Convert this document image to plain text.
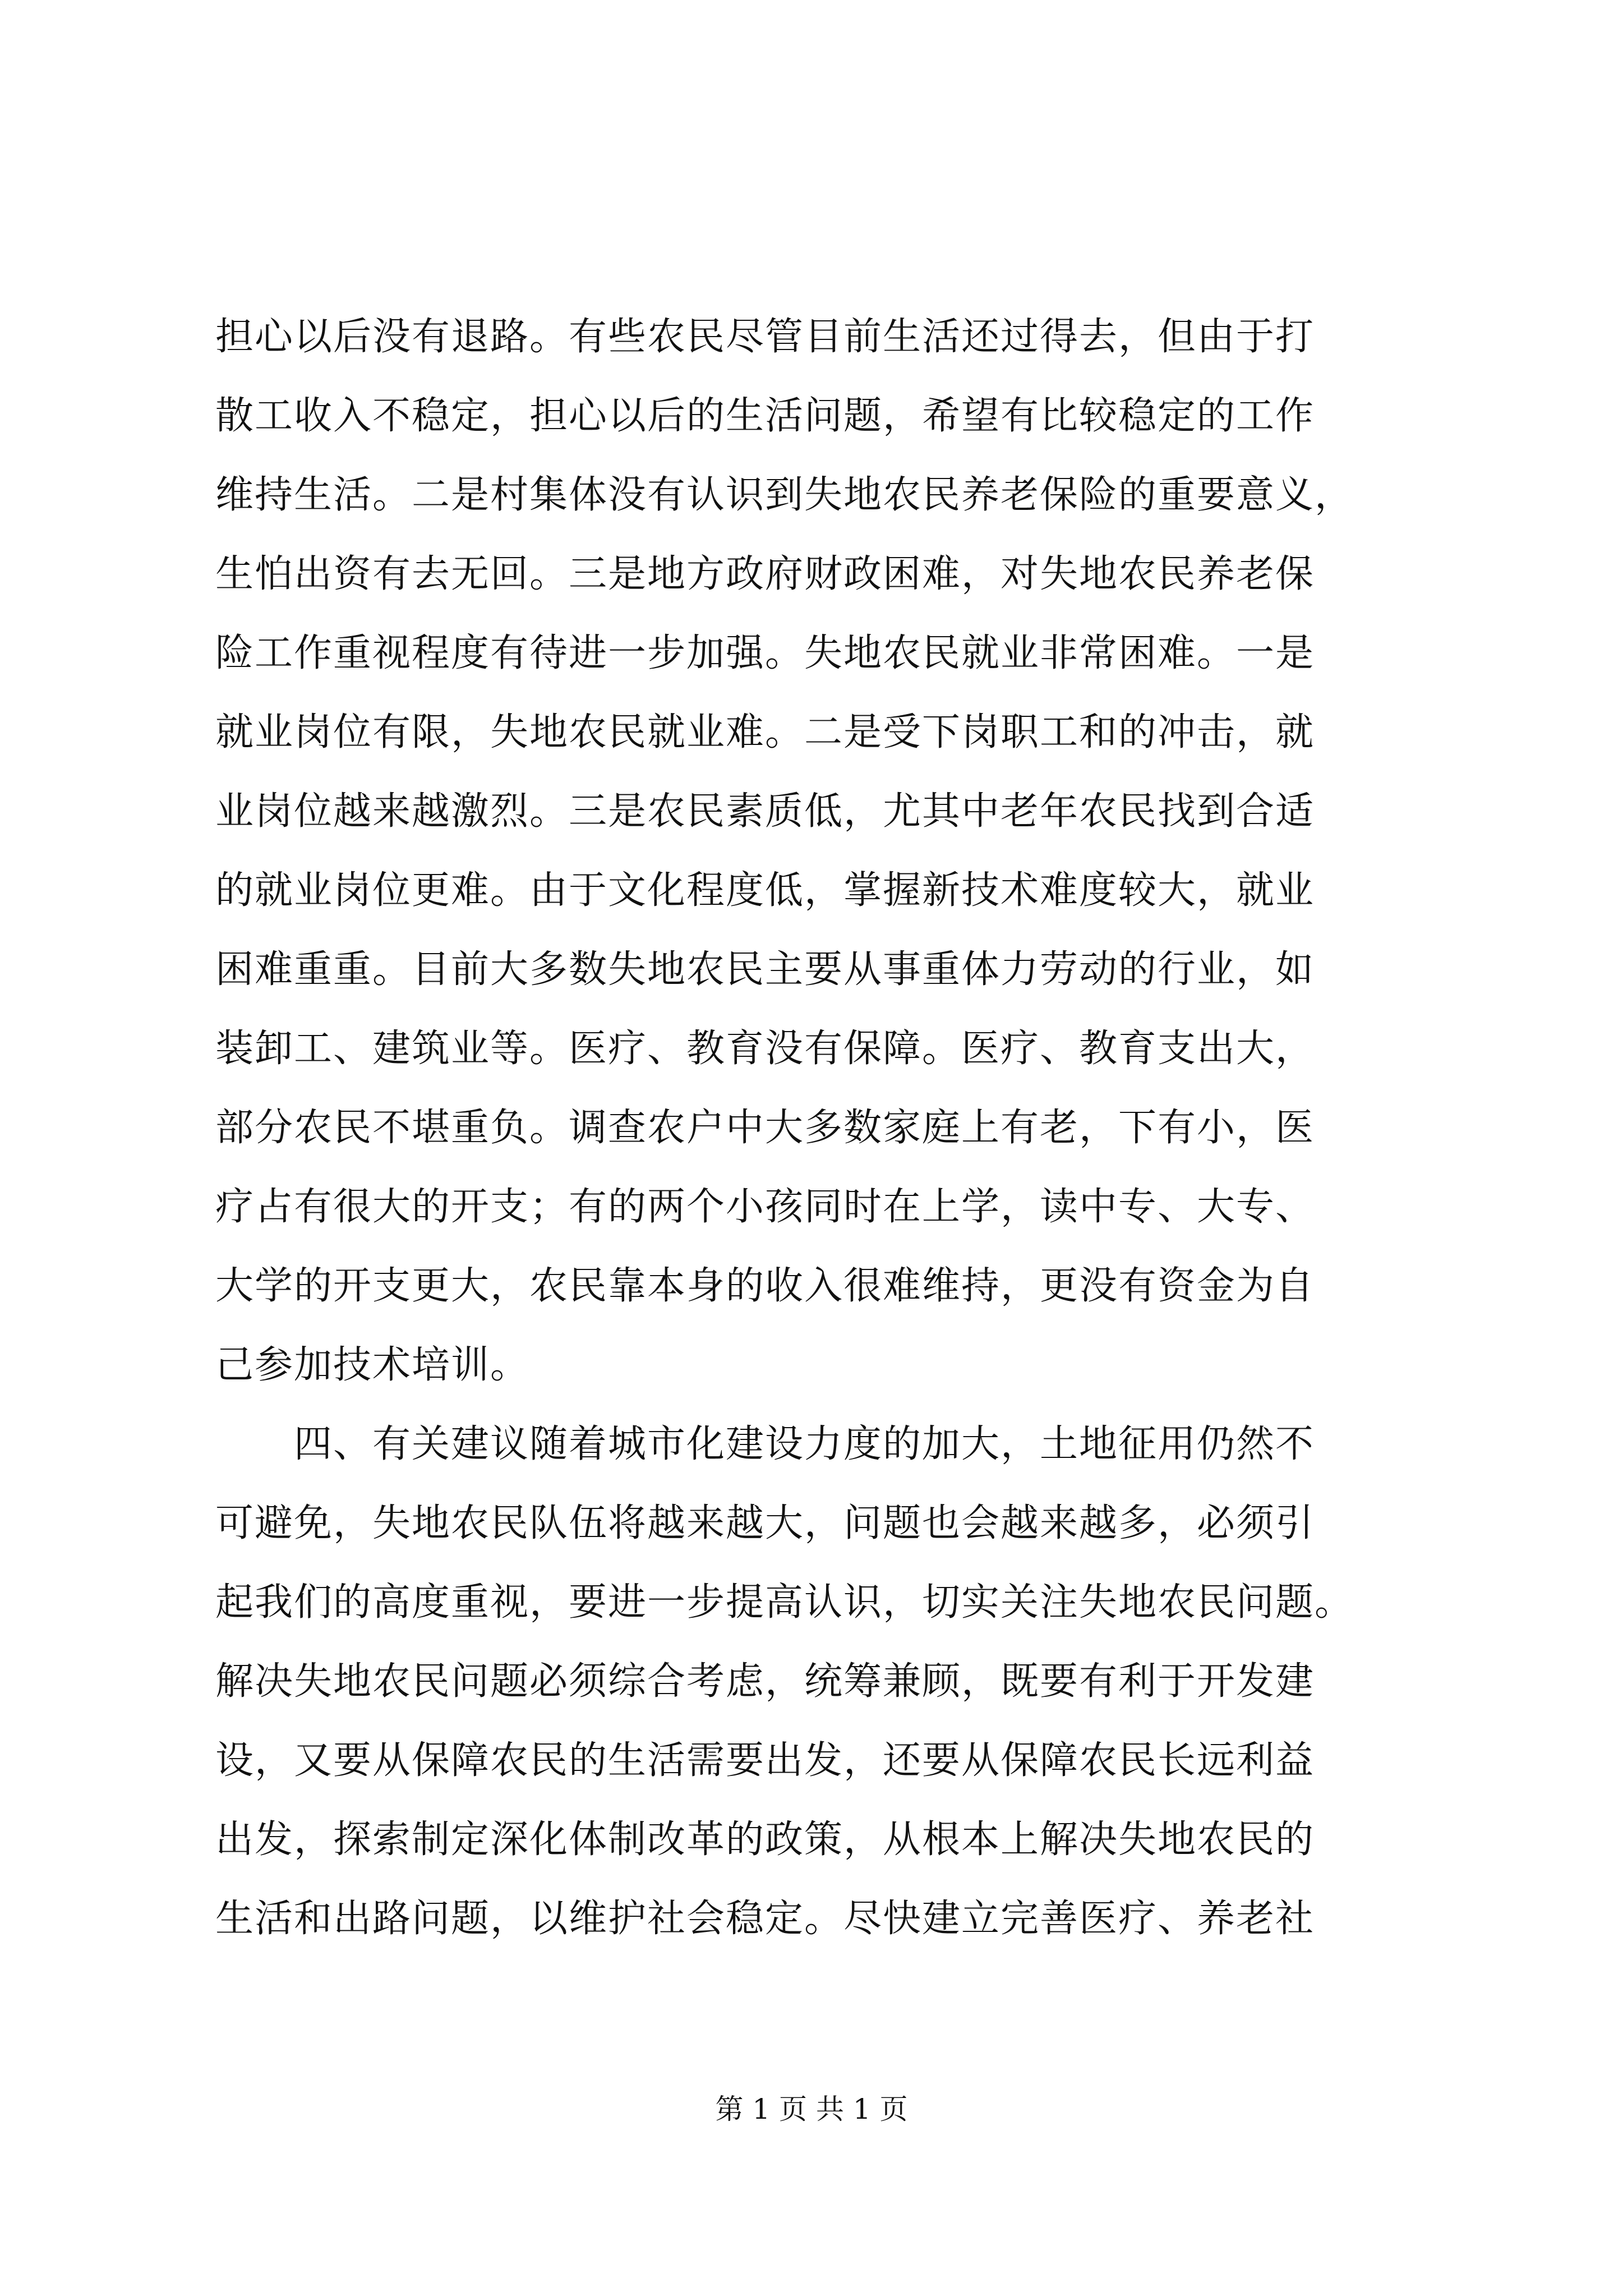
担心以后没有退路。有些农民尽管目前生活还过得去，但由于打
散工收入不稳定，担心以后的生活问题，希望有比较稳定的工作
维持生活。二是村集体没有认识到失地农民养老保险的重要意义，
生怕出资有去无回。三是地方政府财政困难，对失地农民养老保
险工作重视程度有待进一步加强。失地农民就业非常困难。一是
就业岗位有限，失地农民就业难。二是受下岗职工和的冲击，就
业岗位越来越激烈。三是农民素质低，尤其中老年农民找到合适
的就业岗位更难。由于文化程度低，掌握新技术难度较大，就业
困难重重。目前大多数失地农民主要从事重体力劳动的行业，如
装卸工、建筑业等。医疗、教育没有保障。医疗、教育支出大，
部分农民不堪重负。调查农户中大多数家庭上有老，下有小，医
疗占有很大的开支；有的两个小孩同时在上学，读中专、大专、
大学的开支更大，农民靠本身的收入很难维持，更没有资金为自
己参加技术培训。
　　四、有关建议随着城市化建设力度的加大，土地征用仍然不
可避免，失地农民队伍将越来越大，问题也会越来越多，必须引
起我们的高度重视，要进一步提高认识，切实关注失地农民问题。
解决失地农民问题必须综合考虑，统筹兼顾，既要有利于开发建
设，又要从保障农民的生活需要出发，还要从保障农民长远利益
出发，探索制定深化体制改革的政策，从根本上解决失地农民的
生活和出路问题，以维护社会稳定。尽快建立完善医疗、养老社
第 1 页 共 1 页
